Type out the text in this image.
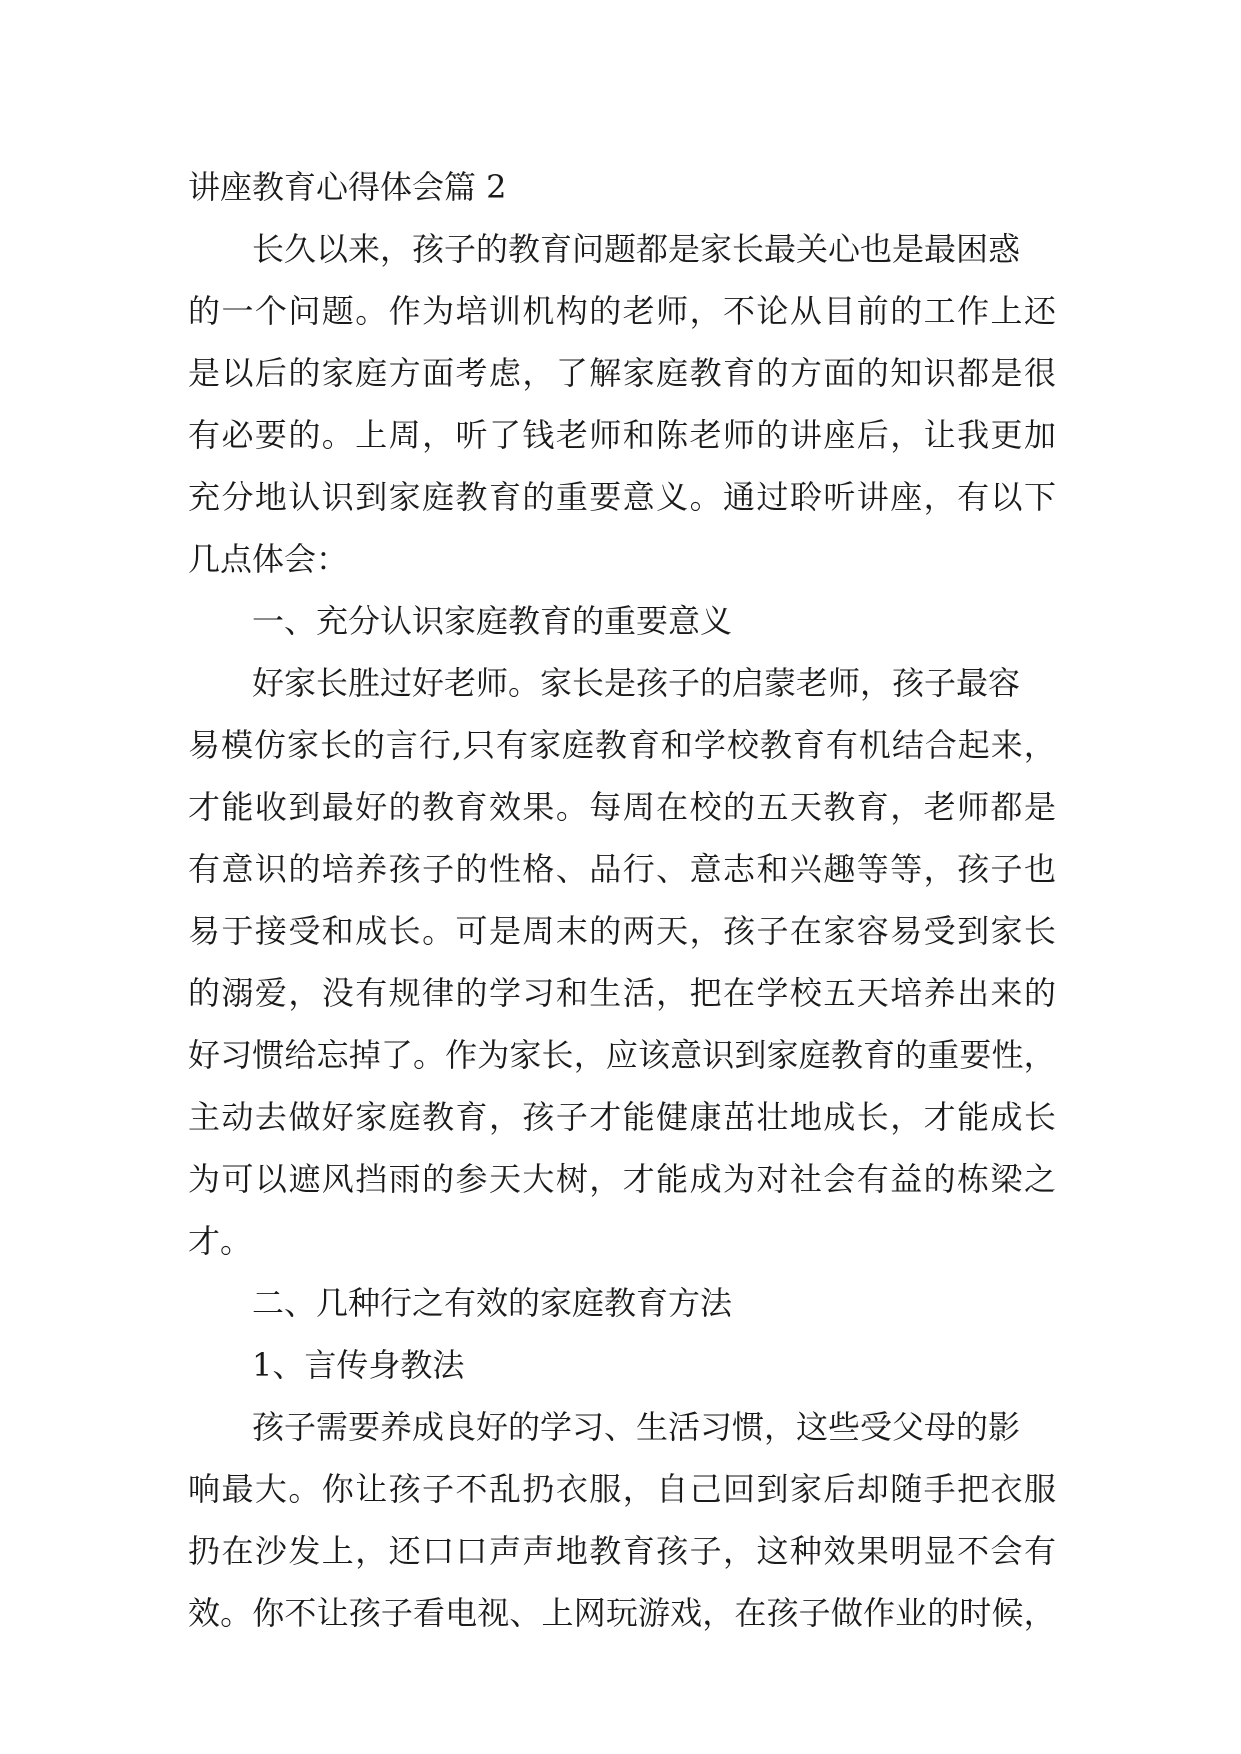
讲座教育心得体会篇 2
长久以来，孩子的教育问题都是家长最关心也是最困惑
的 一 个 问 题 。 作 为 培 训 机 构 的 老 师 ， 不 论 从 目 前 的 工 作 上 还
是 以 后 的 家 庭 方 面 考 虑 ， 了 解 家 庭 教 育 的 方 面 的 知 识 都 是 很
有 必 要 的 。 上 周 ， 听 了 钱 老 师 和 陈 老 师 的 讲 座 后 ， 让 我 更 加
充 分 地 认 识 到 家 庭 教 育 的 重 要 意 义 。 通 过 聆 听 讲 座 ， 有 以 下
几点体会：
一、充分认识家庭教育的重要意义
好家长胜过好老师。家长是孩子的启蒙老师，孩子最容
易 模 仿 家 长 的 言 行 , 只 有 家 庭 教 育 和 学 校 教 育 有 机 结 合 起 来 ，
才 能 收 到 最 好 的 教 育 效 果 。 每 周 在 校 的 五 天 教 育 ， 老 师 都 是
有 意 识 的 培 养 孩 子 的 性 格 、 品 行 、 意 志 和 兴 趣 等 等 ， 孩 子 也
易 于 接 受 和 成 长 。 可 是 周 末 的 两 天 ， 孩 子 在 家 容 易 受 到 家 长
的 溺 爱 ， 没 有 规 律 的 学 习 和 生 活 ， 把 在 学 校 五 天 培 养 出 来 的
好 习 惯 给 忘 掉 了 。 作 为 家 长 ， 应 该 意 识 到 家 庭 教 育 的 重 要 性 ，
主 动 去 做 好 家 庭 教 育 ， 孩 子 才 能 健 康 茁 壮 地 成 长 ， 才 能 成 长
为 可 以 遮 风 挡 雨 的 参 天 大 树 ， 才 能 成 为 对 社 会 有 益 的 栋 梁 之
才。
二、几种行之有效的家庭教育方法
1、言传身教法
孩子需要养成良好的学习、生活习惯，这些受父母的影
响 最 大 。 你 让 孩 子 不 乱 扔 衣 服 ， 自 己 回 到 家 后 却 随 手 把 衣 服
扔 在 沙 发 上 ， 还 口 口 声 声 地 教 育 孩 子 ， 这 种 效 果 明 显 不 会 有
效 。 你 不 让 孩 子 看 电 视 、 上 网 玩 游 戏 ， 在 孩 子 做 作 业 的 时 候 ，
